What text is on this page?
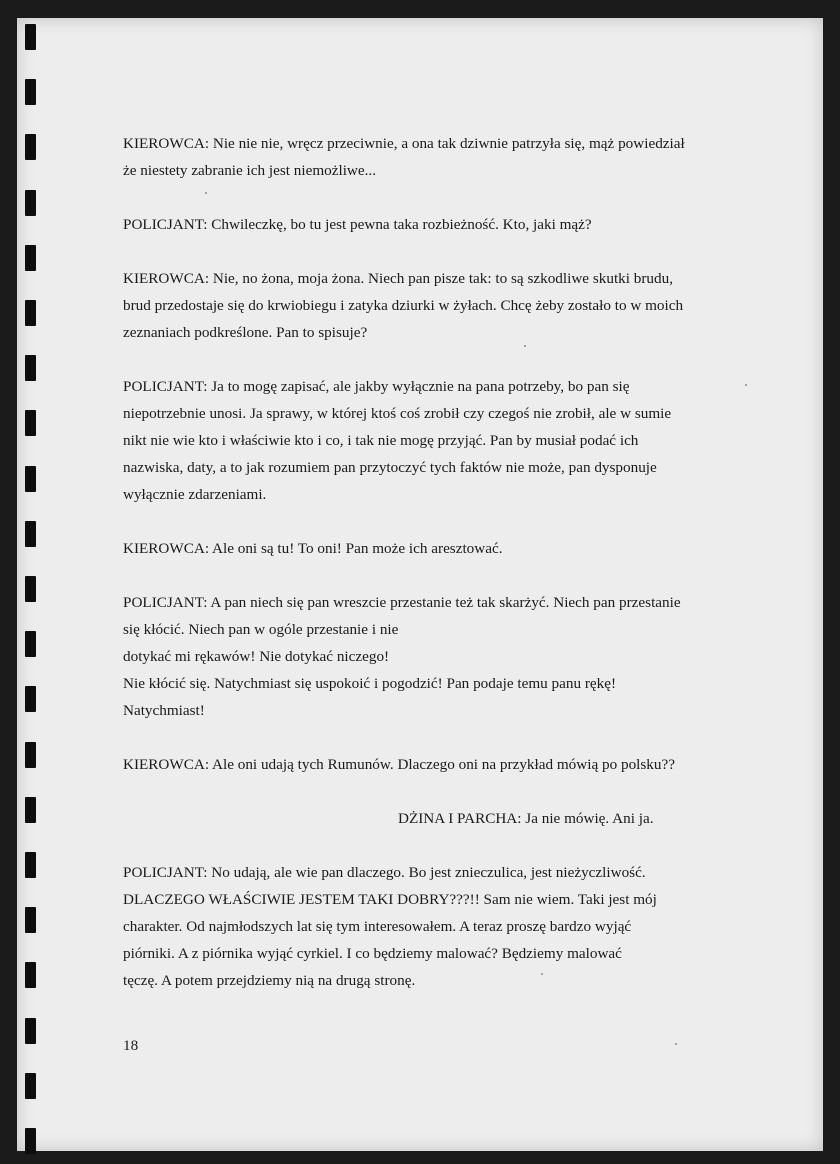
KIEROWCA: Nie nie nie, wręcz przeciwnie, a ona tak dziwnie patrzyła się, mąż powiedział
że niestety zabranie ich jest niemożliwe...

POLICJANT: Chwileczkę, bo tu jest pewna taka rozbieżność. Kto, jaki mąż?

KIEROWCA: Nie, no żona, moja żona. Niech pan pisze tak: to są szkodliwe skutki brudu,
brud przedostaje się do krwiobiegu i zatyka dziurki w żyłach. Chcę żeby zostało to w moich
zeznaniach podkreślone. Pan to spisuje?

POLICJANT: Ja to mogę zapisać, ale jakby wyłącznie na pana potrzeby, bo pan się
niepotrzebnie unosi. Ja sprawy, w której ktoś coś zrobił czy czegoś nie zrobił, ale w sumie
nikt nie wie kto i właściwie kto i co, i tak nie mogę przyjąć. Pan by musiał podać ich
nazwiska, daty, a to jak rozumiem pan przytoczyć tych faktów nie może, pan dysponuje
wyłącznie zdarzeniami.

KIEROWCA: Ale oni są tu! To oni! Pan może ich aresztować.

POLICJANT: A pan niech się pan wreszcie przestanie też tak skarżyć. Niech pan przestanie
się kłócić. Niech pan w ogóle przestanie i nie
dotykać mi rękawów! Nie dotykać niczego!
Nie kłócić się. Natychmiast się uspokoić i pogodzić! Pan podaje temu panu rękę!
Natychmiast!

KIEROWCA: Ale oni udają tych Rumunów. Dlaczego oni na przykład mówią po polsku??

DŻINA I PARCHA: Ja nie mówię. Ani ja.

POLICJANT: No udają, ale wie pan dlaczego. Bo jest znieczulica, jest nieżyczliwość.
DLACZEGO WŁAŚCIWIE JESTEM TAKI DOBRY???!! Sam nie wiem. Taki jest mój
charakter. Od najmłodszych lat się tym interesowałem. A teraz proszę bardzo wyjąć
piórniki. A z piórnika wyjąć cyrkiel. I co będziemy malować? Będziemy malować
tęczę. A potem przejdziemy nią na drugą stronę.

18
